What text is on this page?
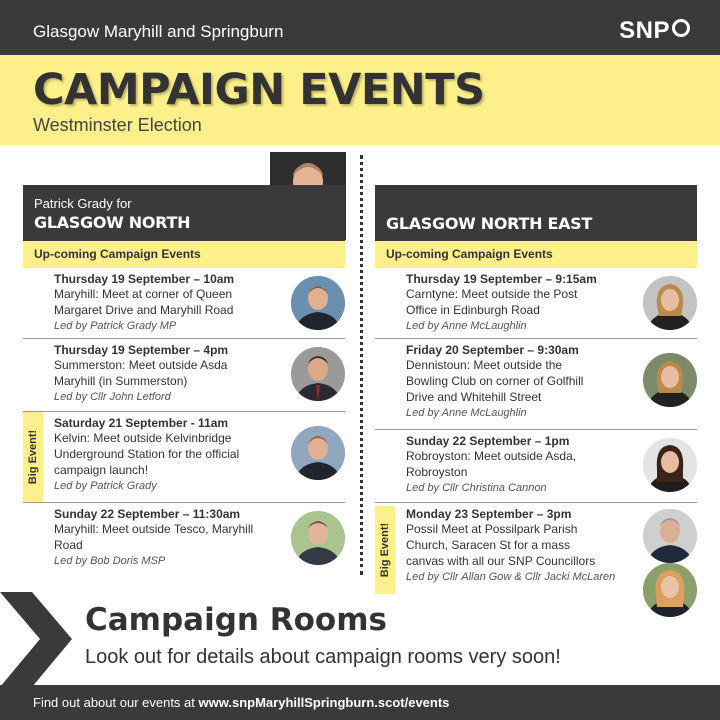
Glasgow Maryhill and Springburn	SNP
CAMPAIGN EVENTS
Westminster Election
Patrick Grady for
GLASGOW NORTH
Up-coming Campaign Events
Thursday 19 September – 10am
Maryhill: Meet at corner of Queen Margaret Drive and Maryhill Road
Led by Patrick Grady MP
Thursday 19 September – 4pm
Summerston: Meet outside Asda Maryhill (in Summerston)
Led by Cllr John Letford
Big Event!
Saturday 21 September - 11am
Kelvin: Meet outside Kelvinbridge Underground Station for the official campaign launch!
Led by Patrick Grady
Sunday 22 September – 11:30am
Maryhill: Meet outside Tesco, Maryhill Road
Led by Bob Doris MSP
GLASGOW NORTH EAST
Up-coming Campaign Events
Thursday 19 September – 9:15am
Carntyne: Meet outside the Post Office in Edinburgh Road
Led by Anne McLaughlin
Friday 20 September – 9:30am
Dennistoun: Meet outside the Bowling Club on corner of Golfhill Drive and Whitehill Street
Led by Anne McLaughlin
Sunday 22 September – 1pm
Robroyston: Meet outside Asda, Robroyston
Led by Cllr Christina Cannon
Big Event!
Monday 23 September – 3pm
Possil Meet at Possilpark Parish Church, Saracen St for a mass canvas with all our SNP Councillors
Led by Cllr Allan Gow & Cllr Jacki McLaren
Campaign Rooms
Look out for details about campaign rooms very soon!
Find out about our events at www.snpMaryhillSpringburn.scot/events
